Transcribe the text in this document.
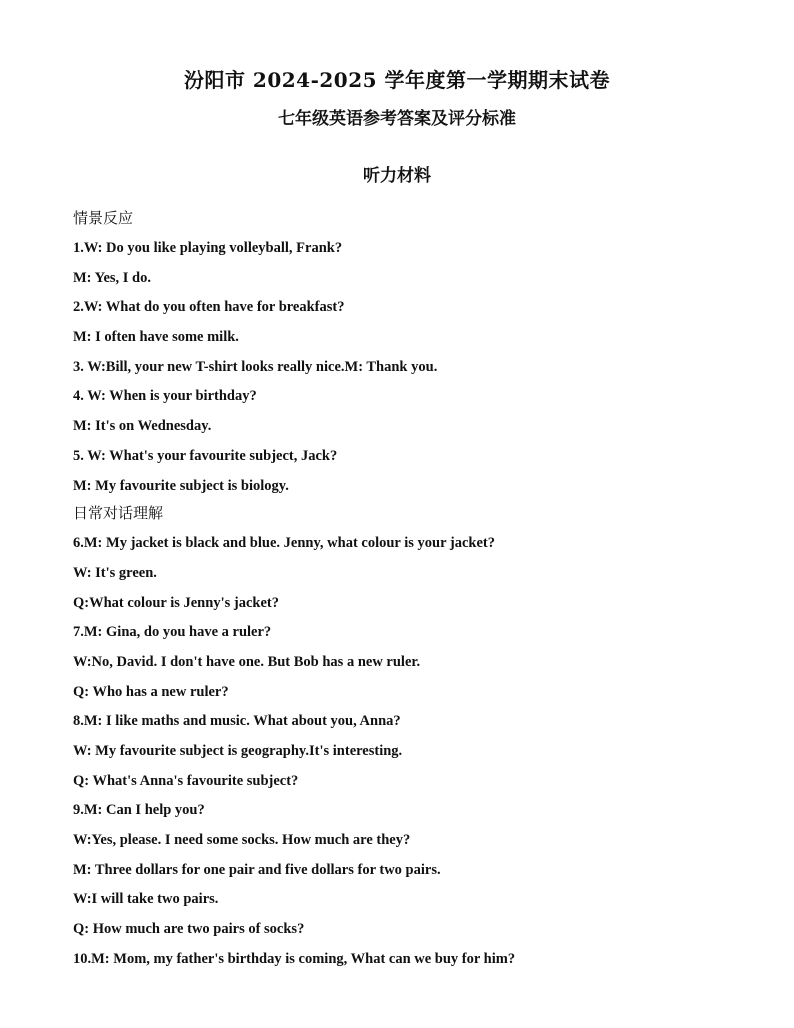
汾阳市 2024-2025 学年度第一学期期末试卷
七年级英语参考答案及评分标准
听力材料
情景反应
1.W: Do you like playing volleyball, Frank?
M: Yes, I do.
2.W: What do you often have for breakfast?
M: I often have some milk.
3. W:Bill, your new T-shirt looks really nice.M: Thank you.
4. W: When is your birthday?
M: It's on Wednesday.
5. W: What's your favourite subject, Jack?
M: My favourite subject is biology.
日常对话理解
6.M: My jacket is black and blue. Jenny, what colour is your jacket?
W: It's green.
Q:What colour is Jenny's jacket?
7.M: Gina, do you have a ruler?
W:No, David. I don't have one. But Bob has a new ruler.
Q: Who has a new ruler?
8.M: I like maths and music. What about you, Anna?
W: My favourite subject is geography.It's interesting.
Q: What's Anna's favourite subject?
9.M: Can I help you?
W:Yes, please. I need some socks. How much are they?
M: Three dollars for one pair and five dollars for two pairs.
W:I will take two pairs.
Q: How much are two pairs of socks?
10.M: Mom, my father's birthday is coming, What can we buy for him?
